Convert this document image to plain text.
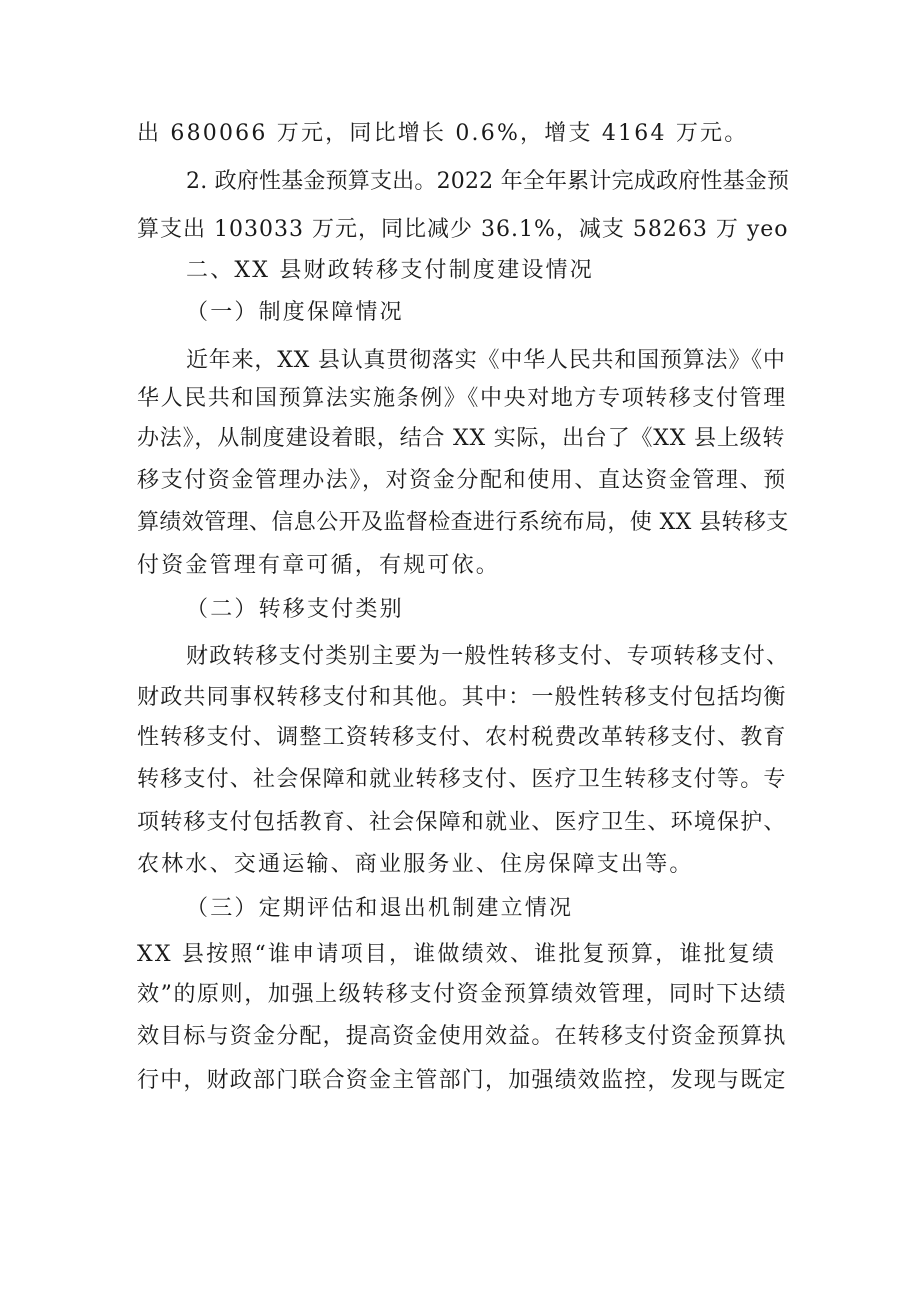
出 680066 万元，同比增长 0.6%，增支 4164 万元。
2. 政府性基金预算支出。2022 年全年累计完成政府性基金预
算支出 103033 万元，同比减少 36.1%，减支 58263 万 yeo
二、XX 县财政转移支付制度建设情况
（一）制度保障情况
近年来，XX 县认真贯彻落实《中华人民共和国预算法》《中
华人民共和国预算法实施条例》《中央对地方专项转移支付管理
办法》，从制度建设着眼，结合 XX 实际，出台了《XX 县上级转
移支付资金管理办法》，对资金分配和使用、直达资金管理、预
算绩效管理、信息公开及监督检查进行系统布局，使 XX 县转移支
付资金管理有章可循，有规可依。
（二）转移支付类别
财政转移支付类别主要为一般性转移支付、专项转移支付、
财政共同事权转移支付和其他。其中：一般性转移支付包括均衡
性转移支付、调整工资转移支付、农村税费改革转移支付、教育
转移支付、社会保障和就业转移支付、医疗卫生转移支付等。专
项转移支付包括教育、社会保障和就业、医疗卫生、环境保护、
农林水、交通运输、商业服务业、住房保障支出等。
（三）定期评估和退出机制建立情况
XX 县按照“谁申请项目，谁做绩效、谁批复预算，谁批复绩
效”的原则，加强上级转移支付资金预算绩效管理，同时下达绩
效目标与资金分配，提高资金使用效益。在转移支付资金预算执
行中，财政部门联合资金主管部门，加强绩效监控，发现与既定
